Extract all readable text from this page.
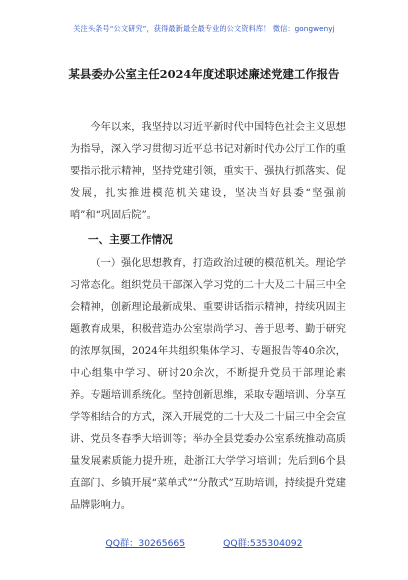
关注头条号“公文研究”，获得最新最全最专业的公文资料库！ 微信：gongwenyj
某县委办公室主任2024年度述职述廉述党建工作报告

今年以来，我坚持以习近平新时代中国特色社会主义思想为指导，深入学习贯彻习近平总书记对新时代办公厅工作的重要指示批示精神，坚持党建引领，重实干、强执行抓落实、促发展，扎实推进模范机关建设，坚决当好县委“坚强前哨”和“巩固后院”。

一、主要工作情况

（一）强化思想教育，打造政治过硬的模范机关。理论学习常态化。组织党员干部深入学习党的二十大及二十届三中全会精神，创新理论最新成果、重要讲话指示精神，持续巩固主题教育成果，积极营造办公室崇尚学习、善于思考、勤于研究的浓厚氛围，2024年共组织集体学习、专题报告等40余次，中心组集中学习、研讨20余次，不断提升党员干部理论素养。专题培训系统化。坚持创新思维，采取专题培训、分享互学等相结合的方式，深入开展党的二十大及二十届三中全会宣讲、党员冬春季大培训等；举办全县党委办公室系统推动高质量发展素质能力提升班，赴浙江大学学习培训；先后到6个县直部门、乡镇开展“菜单式”“分散式”互助培训，持续提升党建品牌影响力。

QQ群：30265665	QQ群:535304092
